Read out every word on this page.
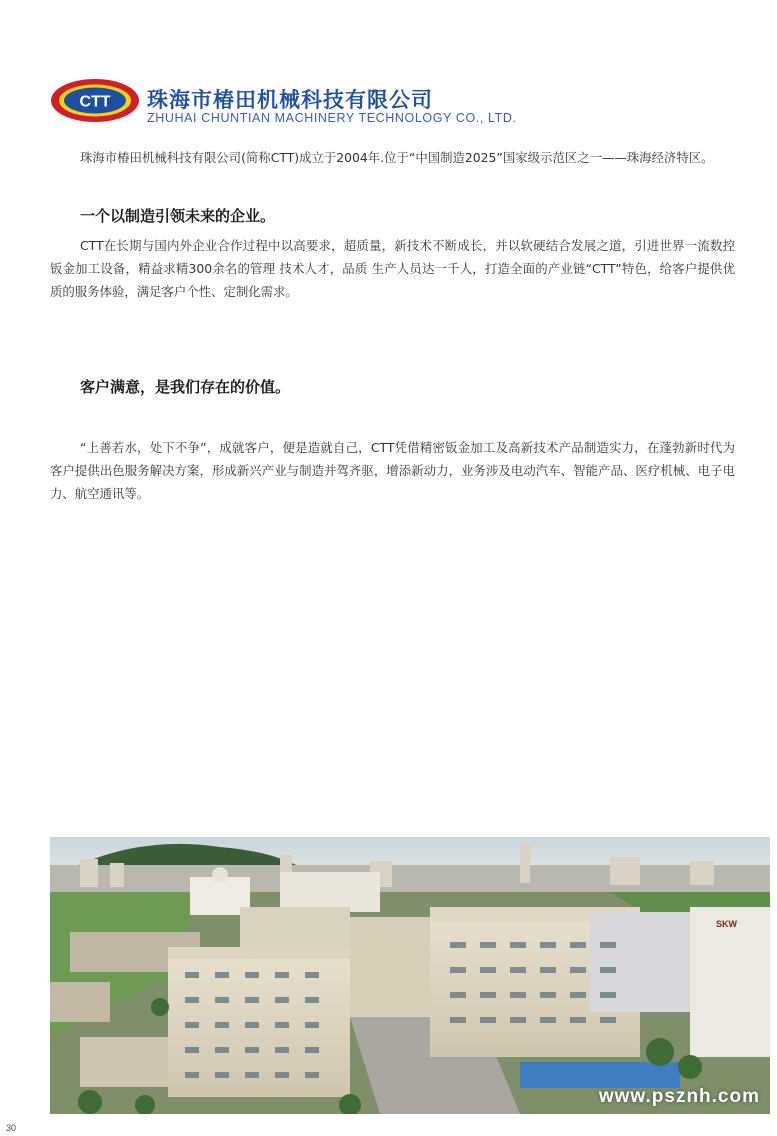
CTT 珠海市椿田机械科技有限公司
ZHUHAI CHUNTIAN MACHINERY TECHNOLOGY CO., LTD.
珠海市椿田机械科技有限公司(简称CTT)成立于2004年.位于“中国制造2025”国家级示范区之一——珠海经济特区。
一个以制造引领未来的企业。
CTT在长期与国内外企业合作过程中以高要求，超质量，新技术不断成长，并以软硬结合发展之道，引进世界一流数控钣金加工设备，精益求精300余名的管理 技术人才，品质 生产人员达一千人，打造全面的产业链“CTT”特色，给客户提供优质的服务体验，满足客户个性、定制化需求。
客户满意，是我们存在的价值。
“上善若水，处下不争”，成就客户，便是造就自己，CTT凭借精密钣金加工及高新技术产品制造实力，在蓬勃新时代为客户提供出色服务解决方案，形成新兴产业与制造并驾齐驱，增添新动力，业务涉及电动汽车、智能产品、医疗机械、电子电力、航空通讯等。
SKW
www.psznh.com
30
